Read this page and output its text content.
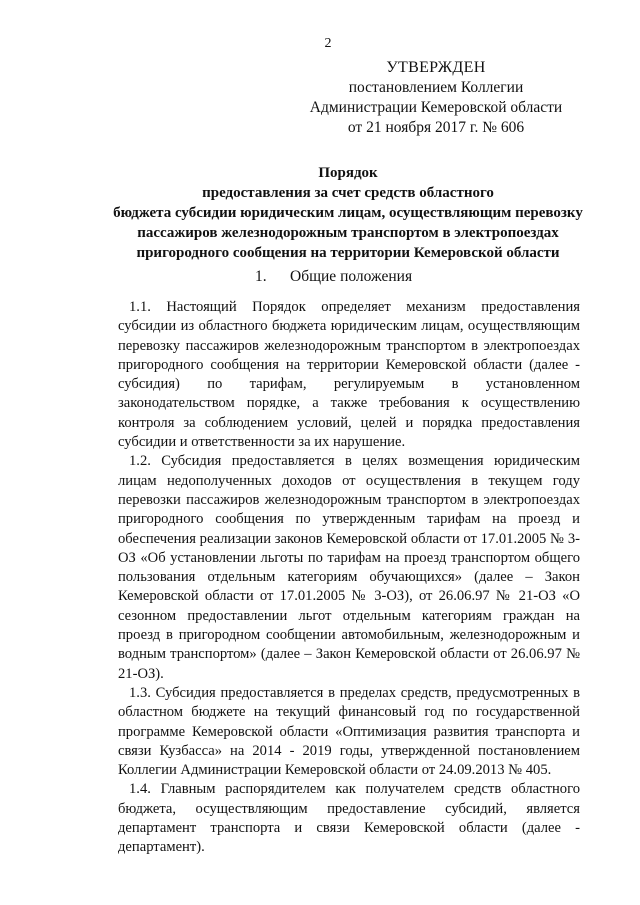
2
УТВЕРЖДЕН
постановлением Коллегии
Администрации Кемеровской области
от 21 ноября 2017 г. № 606
Порядок
предоставления за счет средств областного
бюджета субсидии юридическим лицам, осуществляющим перевозку
пассажиров железнодорожным транспортом в электропоездах
пригородного сообщения на территории Кемеровской области
1. Общие положения

1.1. Настоящий Порядок определяет механизм предоставления субсидии из областного бюджета юридическим лицам, осуществляющим перевозку пассажиров железнодорожным транспортом в электропоездах пригородного сообщения на территории Кемеровской области (далее - субсидия) по тарифам, регулируемым в установленном законодательством порядке, а также требования к осуществлению контроля за соблюдением условий, целей и порядка предоставления субсидии и ответственности за их нарушение.

1.2. Субсидия предоставляется в целях возмещения юридическим лицам недополученных доходов от осуществления в текущем году перевозки пассажиров железнодорожным транспортом в электропоездах пригородного сообщения по утвержденным тарифам на проезд и обеспечения реализации законов Кемеровской области от 17.01.2005 № 3-ОЗ «Об установлении льготы по тарифам на проезд транспортом общего пользования отдельным категориям обучающихся» (далее – Закон Кемеровской области от 17.01.2005 № 3-ОЗ), от 26.06.97 № 21-ОЗ «О сезонном предоставлении льгот отдельным категориям граждан на проезд в пригородном сообщении автомобильным, железнодорожным и водным транспортом» (далее – Закон Кемеровской области от 26.06.97 № 21-ОЗ).

1.3. Субсидия предоставляется в пределах средств, предусмотренных в областном бюджете на текущий финансовый год по государственной программе Кемеровской области «Оптимизация развития транспорта и связи Кузбасса» на 2014 - 2019 годы, утвержденной постановлением Коллегии Администрации Кемеровской области от 24.09.2013 № 405.

1.4. Главным распорядителем как получателем средств областного бюджета, осуществляющим предоставление субсидий, является департамент транспорта и связи Кемеровской области (далее - департамент).
